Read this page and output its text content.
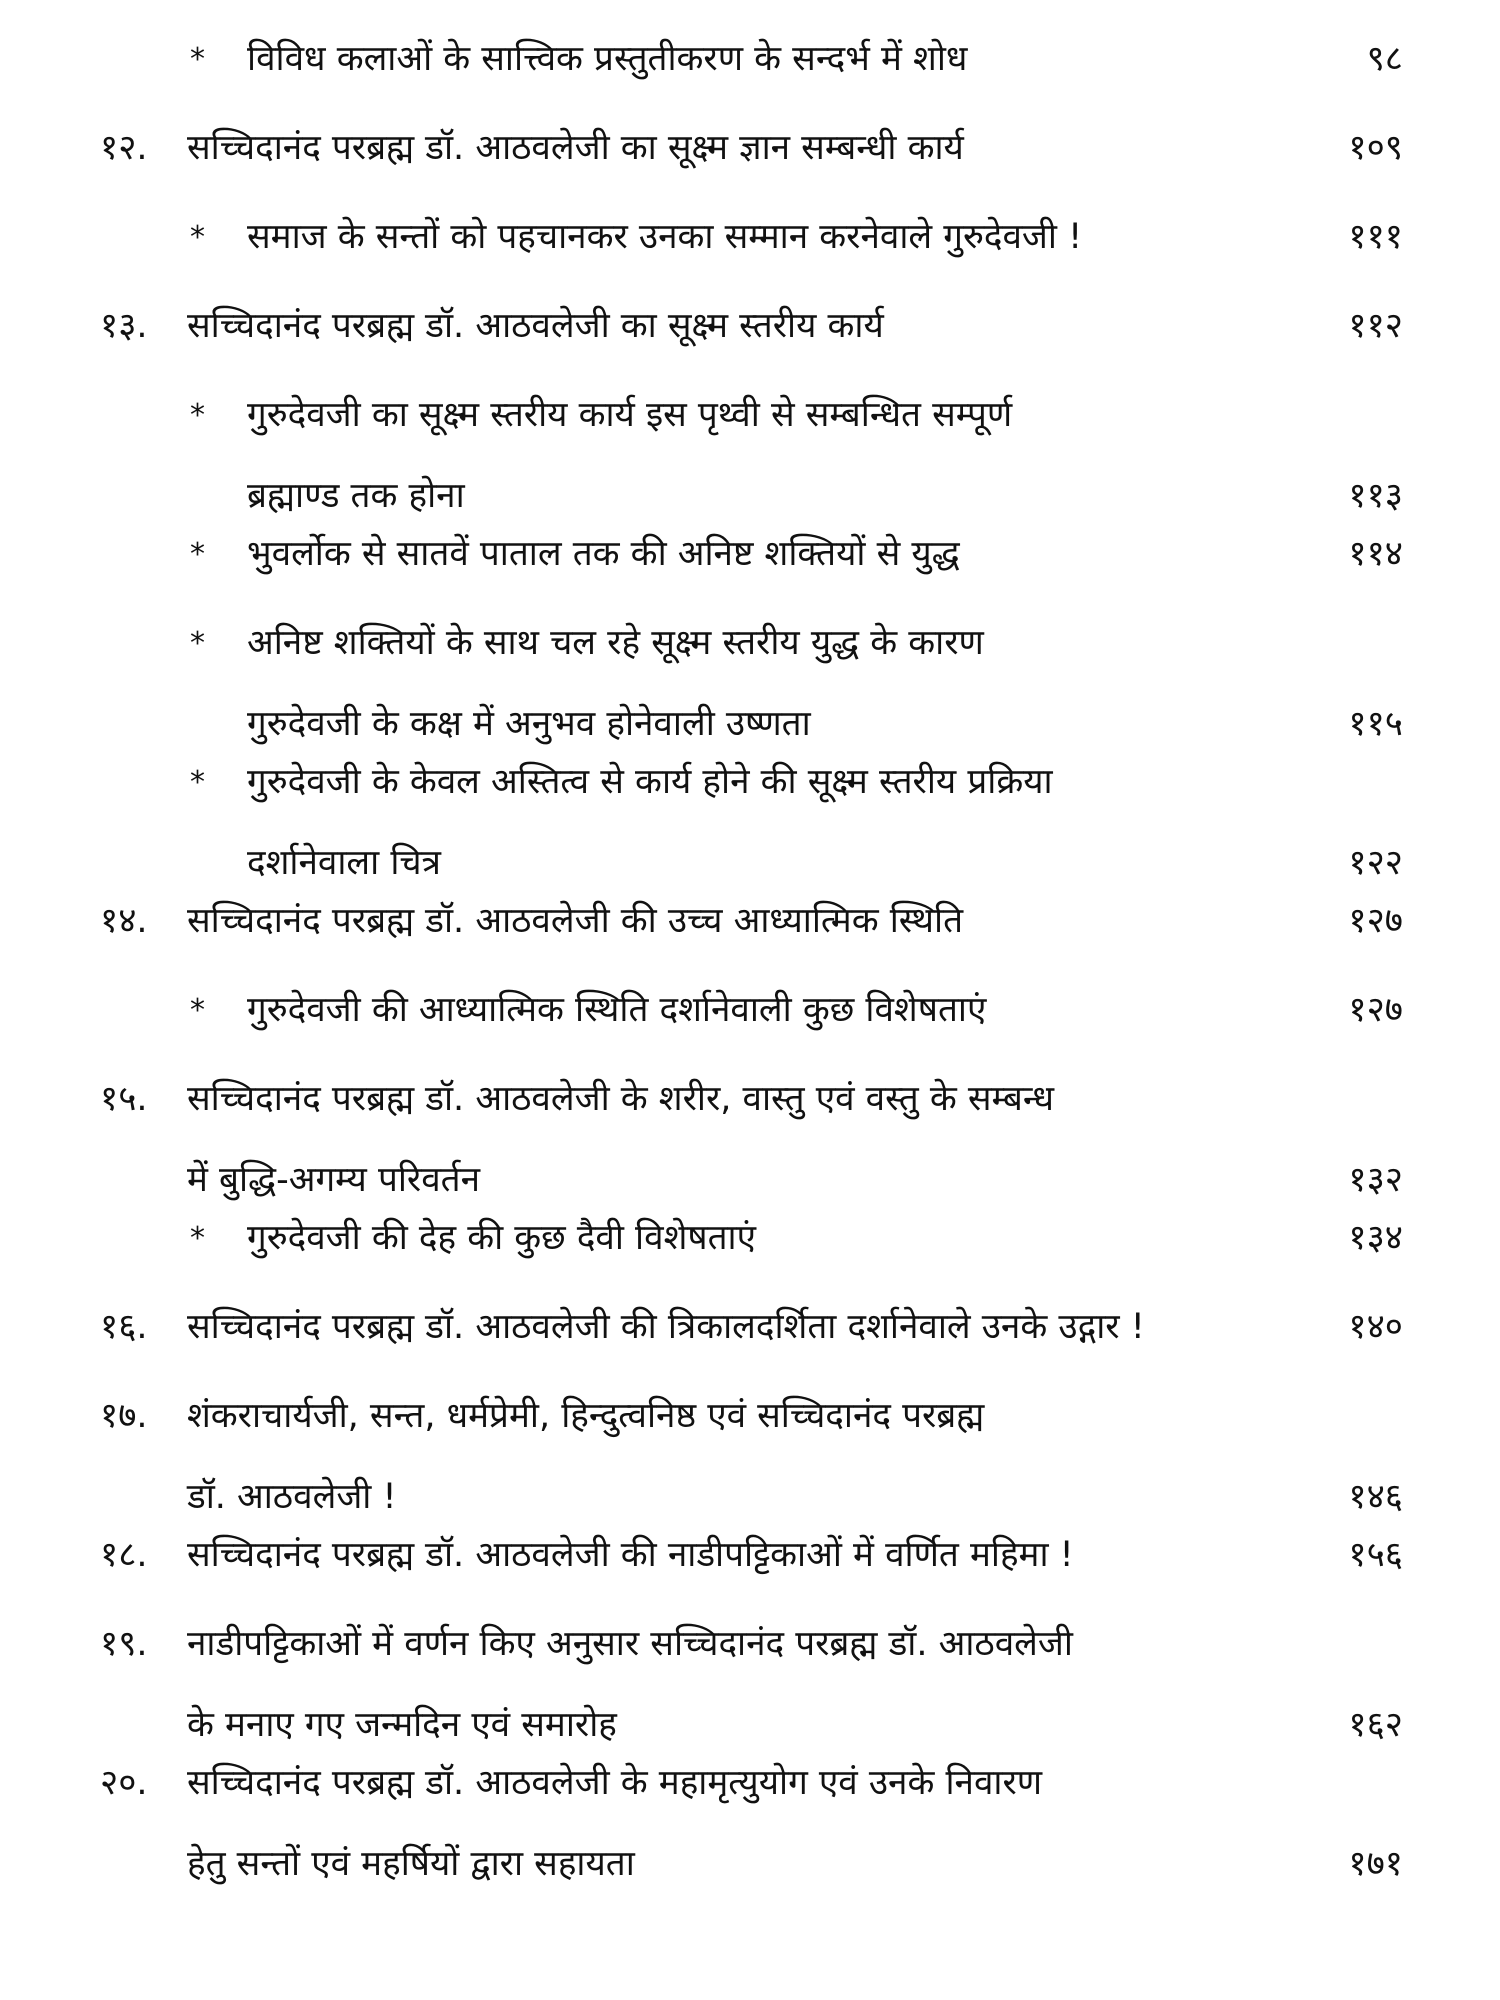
* विविध कलाओं के सात्त्विक प्रस्तुतीकरण के सन्दर्भ में शोध	९८
१२. सच्चिदानंद परब्रह्म डॉ. आठवलेजी का सूक्ष्म ज्ञान सम्बन्धी कार्य	१०९
* समाज के सन्तों को पहचानकर उनका सम्मान करनेवाले गुरुदेवजी !	१११
१३. सच्चिदानंद परब्रह्म डॉ. आठवलेजी का सूक्ष्म स्तरीय कार्य	११२
* गुरुदेवजी का सूक्ष्म स्तरीय कार्य इस पृथ्वी से सम्बन्धित सम्पूर्ण
ब्रह्माण्ड तक होना	११३
* भुवर्लोक से सातवें पाताल तक की अनिष्ट शक्तियों से युद्ध	११४
* अनिष्ट शक्तियों के साथ चल रहे सूक्ष्म स्तरीय युद्ध के कारण
गुरुदेवजी के कक्ष में अनुभव होनेवाली उष्णता	११५
* गुरुदेवजी के केवल अस्तित्व से कार्य होने की सूक्ष्म स्तरीय प्रक्रिया
दर्शानेवाला चित्र	१२२
१४. सच्चिदानंद परब्रह्म डॉ. आठवलेजी की उच्च आध्यात्मिक स्थिति	१२७
* गुरुदेवजी की आध्यात्मिक स्थिति दर्शानेवाली कुछ विशेषताएं	१२७
१५. सच्चिदानंद परब्रह्म डॉ. आठवलेजी के शरीर, वास्तु एवं वस्तु के सम्बन्ध
में बुद्धि-अगम्य परिवर्तन	१३२
* गुरुदेवजी की देह की कुछ दैवी विशेषताएं	१३४
१६. सच्चिदानंद परब्रह्म डॉ. आठवलेजी की त्रिकालदर्शिता दर्शानेवाले उनके उद्गार !	१४०
१७. शंकराचार्यजी, सन्त, धर्मप्रेमी, हिन्दुत्वनिष्ठ एवं सच्चिदानंद परब्रह्म
डॉ. आठवलेजी !	१४६
१८. सच्चिदानंद परब्रह्म डॉ. आठवलेजी की नाडीपट्टिकाओं में वर्णित महिमा !	१५६
१९. नाडीपट्टिकाओं में वर्णन किए अनुसार सच्चिदानंद परब्रह्म डॉ. आठवलेजी
के मनाए गए जन्मदिन एवं समारोह	१६२
२०. सच्चिदानंद परब्रह्म डॉ. आठवलेजी के महामृत्युयोग एवं उनके निवारण
हेतु सन्तों एवं महर्षियों द्वारा सहायता	१७१
